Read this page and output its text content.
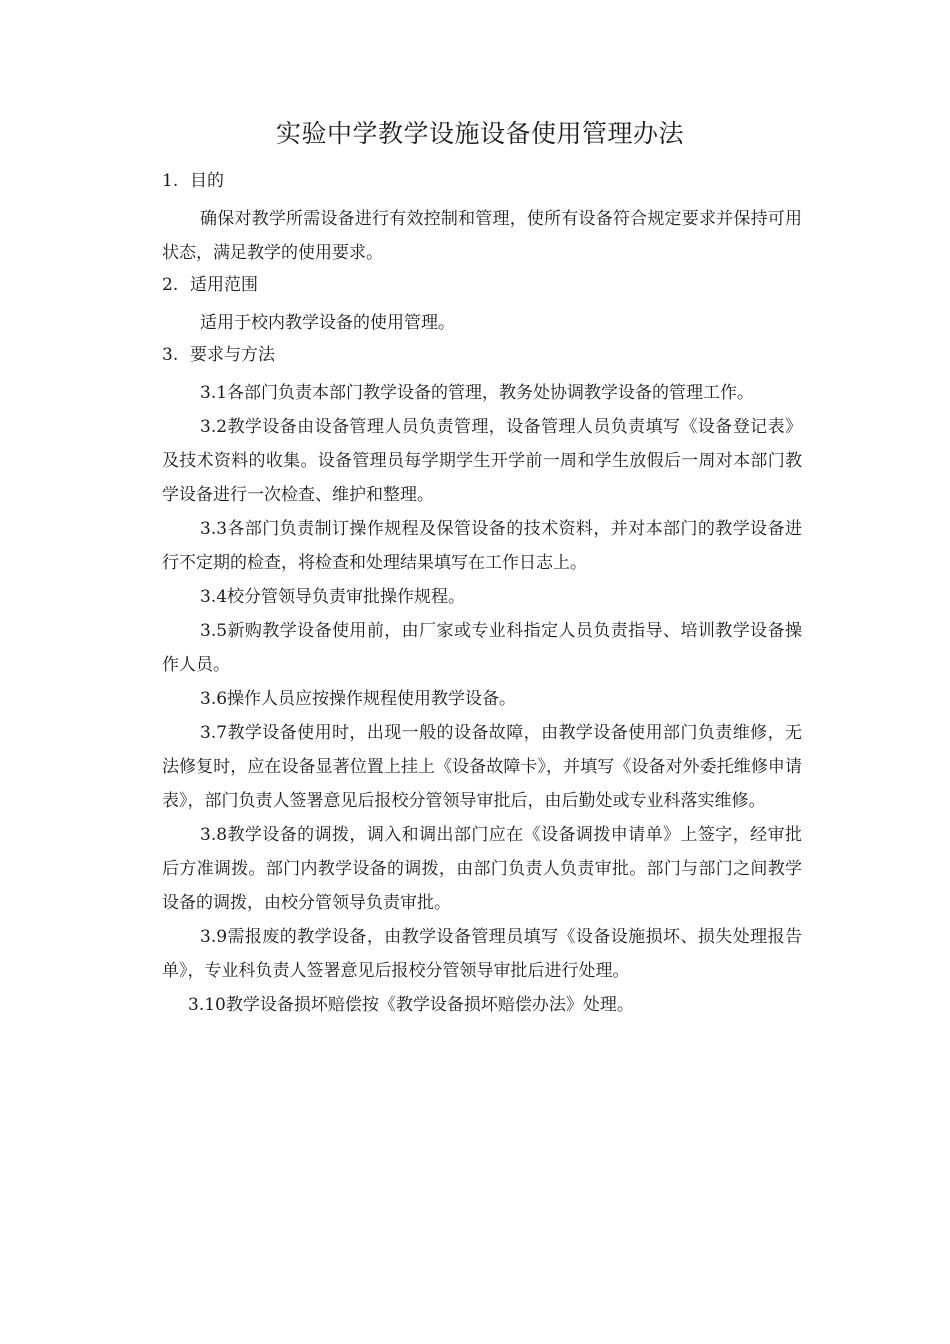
实验中学教学设施设备使用管理办法
1. 目的

确保对教学所需设备进行有效控制和管理，使所有设备符合规定要求并保持可用状态，满足教学的使用要求。

2. 适用范围

适用于校内教学设备的使用管理。

3. 要求与方法

3.1各部门负责本部门教学设备的管理，教务处协调教学设备的管理工作。

3.2教学设备由设备管理人员负责管理，设备管理人员负责填写《设备登记表》及技术资料的收集。设备管理员每学期学生开学前一周和学生放假后一周对本部门教学设备进行一次检查、维护和整理。

3.3各部门负责制订操作规程及保管设备的技术资料，并对本部门的教学设备进行不定期的检查，将检查和处理结果填写在工作日志上。

3.4校分管领导负责审批操作规程。

3.5新购教学设备使用前，由厂家或专业科指定人员负责指导、培训教学设备操作人员。

3.6操作人员应按操作规程使用教学设备。

3.7教学设备使用时，出现一般的设备故障，由教学设备使用部门负责维修，无法修复时，应在设备显著位置上挂上《设备故障卡》，并填写《设备对外委托维修申请表》，部门负责人签署意见后报校分管领导审批后，由后勤处或专业科落实维修。

3.8教学设备的调拨，调入和调出部门应在《设备调拨申请单》上签字，经审批后方准调拨。部门内教学设备的调拨，由部门负责人负责审批。部门与部门之间教学设备的调拨，由校分管领导负责审批。

3.9需报废的教学设备，由教学设备管理员填写《设备设施损坏、损失处理报告单》，专业科负责人签署意见后报校分管领导审批后进行处理。

3.10教学设备损坏赔偿按《教学设备损坏赔偿办法》处理。
